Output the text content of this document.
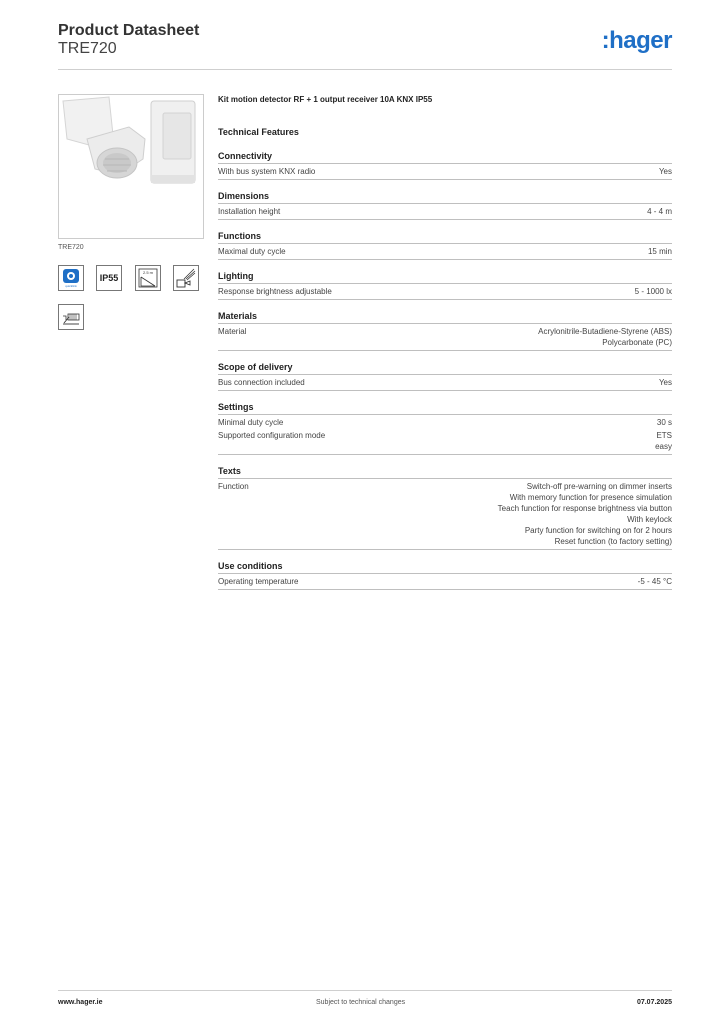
Product Datasheet
TRE720	:hager
TRE720
quicklink
IP55
2.5 m
Kit motion detector RF + 1 output receiver 10A KNX IP55
Technical Features
Connectivity
With bus system KNX radio	Yes
Dimensions
Installation height	4 - 4 m
Functions
Maximal duty cycle	15 min
Lighting
Response brightness adjustable	5 - 1000 lx
Materials
Material	Acrylonitrile-Butadiene-Styrene (ABS)
Polycarbonate (PC)
Scope of delivery
Bus connection included	Yes
Settings
Minimal duty cycle	30 s
Supported configuration mode	ETS
easy
Texts
Function	Switch-off pre-warning on dimmer inserts
With memory function for presence simulation
Teach function for response brightness via button
With keylock
Party function for switching on for 2 hours
Reset function (to factory setting)
Use conditions
Operating temperature	-5 - 45 °C
www.hager.ie	Subject to technical changes	07.07.2025
